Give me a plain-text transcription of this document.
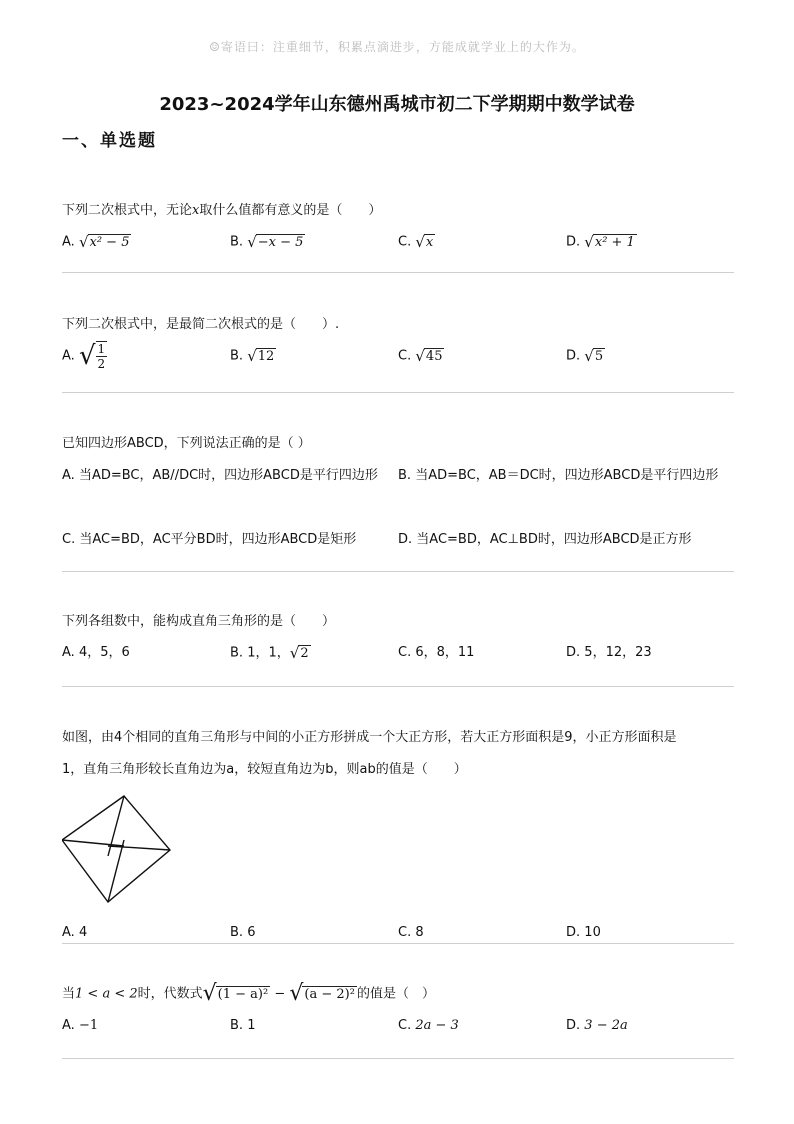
☺寄语曰：注重细节，积累点滴进步，方能成就学业上的大作为。
2023~2024学年山东德州禹城市初二下学期期中数学试卷
一、单选题
下列二次根式中，无论x取什么值都有意义的是（　　）
A. √x² − 5	B. √−x − 5	C. √x	D. √x² + 1
下列二次根式中，是最简二次根式的是（　　）.
A. √ $\frac{1}{2}$	B. √12	C. √45	D. √5
已知四边形ABCD，下列说法正确的是（ ）
A. 当AD=BC，AB//DC时，四边形ABCD是平行四边形	B. 当AD=BC，AB＝DC时，四边形ABCD是平行四边形
C. 当AC=BD，AC平分BD时，四边形ABCD是矩形	D. 当AC=BD，AC⊥BD时，四边形ABCD是正方形
下列各组数中，能构成直角三角形的是（　　）
A. 4，5，6	B. 1，1，√2	C. 6，8，11	D. 5，12，23
如图，由4个相同的直角三角形与中间的小正方形拼成一个大正方形，若大正方形面积是9，小正方形面积是
1，直角三角形较长直角边为a，较短直角边为b，则ab的值是（　　）
A. 4	B. 6	C. 8	D. 10
当1 < a < 2时，代数式√(1 − a)² − √(a − 2)² 的值是（　）
A. −1	B. 1	C. 2a − 3	D. 3 − 2a
